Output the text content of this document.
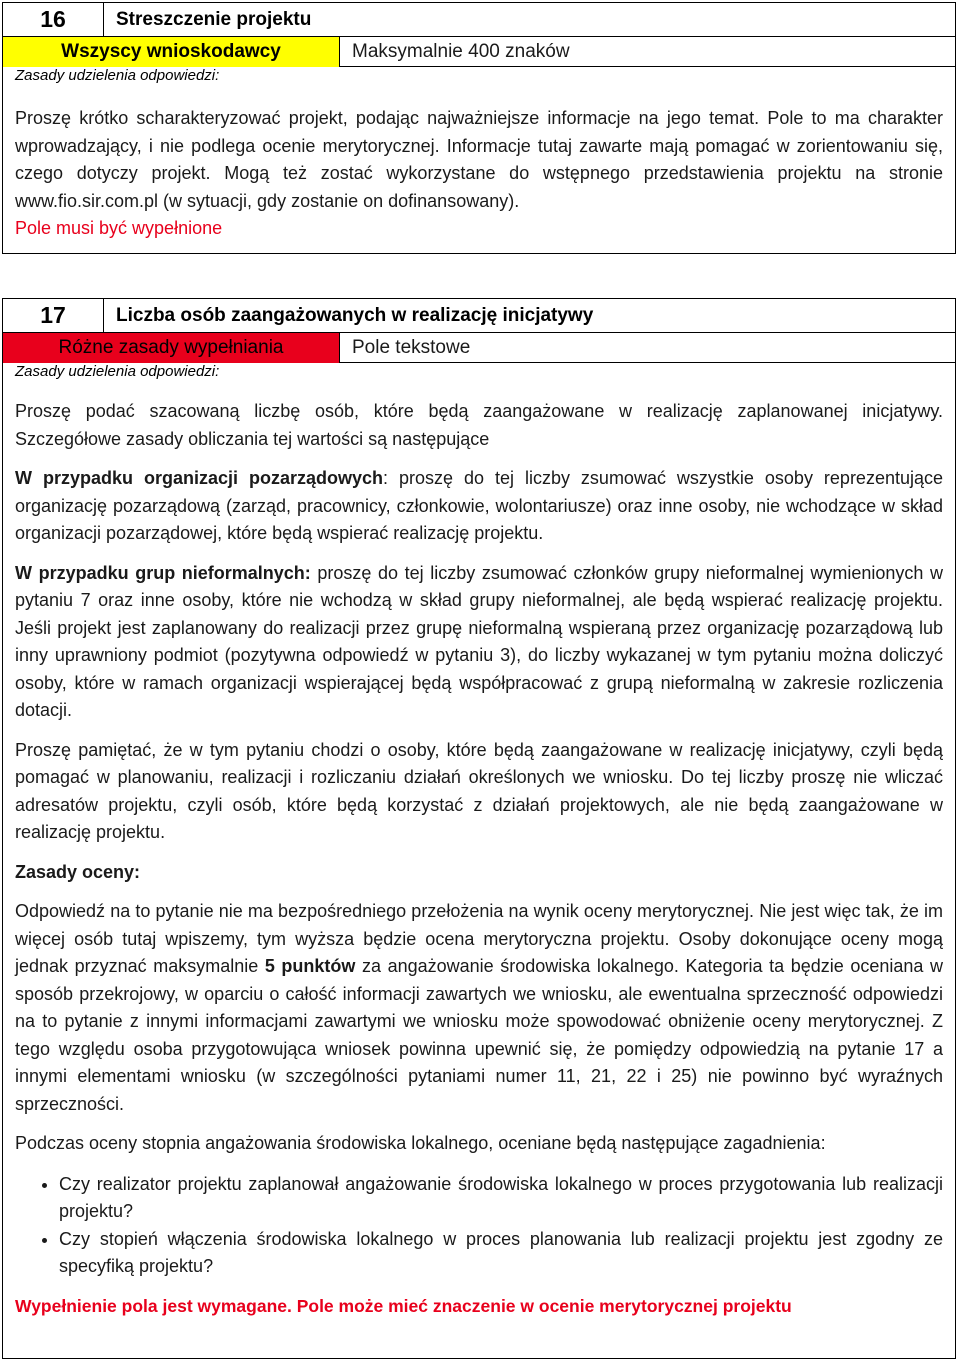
16	Streszczenie projektu
Wszyscy wnioskodawcy	Maksymalnie 400 znaków
Zasady udzielenia odpowiedzi:

Proszę krótko scharakteryzować projekt, podając najważniejsze informacje na jego temat. Pole to ma charakter wprowadzający, i nie podlega ocenie merytorycznej. Informacje tutaj zawarte mają pomagać w zorientowaniu się, czego dotyczy projekt. Mogą też zostać wykorzystane do wstępnego przedstawienia projektu na stronie www.fio.sir.com.pl (w sytuacji, gdy zostanie on dofinansowany).

Pole musi być wypełnione

17	Liczba osób zaangażowanych w realizację inicjatywy
Różne zasady wypełniania	Pole tekstowe
Zasady udzielenia odpowiedzi:

Proszę podać szacowaną liczbę osób, które będą zaangażowane w realizację zaplanowanej inicjatywy. Szczegółowe zasady obliczania tej wartości są następujące

W przypadku organizacji pozarządowych: proszę do tej liczby zsumować wszystkie osoby reprezentujące organizację pozarządową (zarząd, pracownicy, członkowie, wolontariusze) oraz inne osoby, nie wchodzące w skład organizacji pozarządowej, które będą wspierać realizację projektu.

W przypadku grup nieformalnych: proszę do tej liczby zsumować członków grupy nieformalnej wymienionych w pytaniu 7 oraz inne osoby, które nie wchodzą w skład grupy nieformalnej, ale będą wspierać realizację projektu. Jeśli projekt jest zaplanowany do realizacji przez grupę nieformalną wspieraną przez organizację pozarządową lub inny uprawniony podmiot (pozytywna odpowiedź w pytaniu 3), do liczby wykazanej w tym pytaniu można doliczyć osoby, które w ramach organizacji wspierającej będą współpracować z grupą nieformalną w zakresie rozliczenia dotacji.

Proszę pamiętać, że w tym pytaniu chodzi o osoby, które będą zaangażowane w realizację inicjatywy, czyli będą pomagać w planowaniu, realizacji i rozliczaniu działań określonych we wniosku. Do tej liczby proszę nie wliczać adresatów projektu, czyli osób, które będą korzystać z działań projektowych, ale nie będą zaangażowane w realizację projektu.

Zasady oceny:

Odpowiedź na to pytanie nie ma bezpośredniego przełożenia na wynik oceny merytorycznej. Nie jest więc tak, że im więcej osób tutaj wpiszemy, tym wyższa będzie ocena merytoryczna projektu. Osoby dokonujące oceny mogą jednak przyznać maksymalnie 5 punktów za angażowanie środowiska lokalnego. Kategoria ta będzie oceniana w sposób przekrojowy, w oparciu o całość informacji zawartych we wniosku, ale ewentualna sprzeczność odpowiedzi na to pytanie z innymi informacjami zawartymi we wniosku może spowodować obniżenie oceny merytorycznej. Z tego względu osoba przygotowująca wniosek powinna upewnić się, że pomiędzy odpowiedzią na pytanie 17 a innymi elementami wniosku (w szczególności pytaniami numer 11, 21, 22 i 25) nie powinno być wyraźnych sprzeczności.

Podczas oceny stopnia angażowania środowiska lokalnego, oceniane będą następujące zagadnienia:

• Czy realizator projektu zaplanował angażowanie środowiska lokalnego w proces przygotowania lub realizacji projektu?
• Czy stopień włączenia środowiska lokalnego w proces planowania lub realizacji projektu jest zgodny ze specyfiką projektu?

Wypełnienie pola jest wymagane. Pole może mieć znaczenie w ocenie merytorycznej projektu
